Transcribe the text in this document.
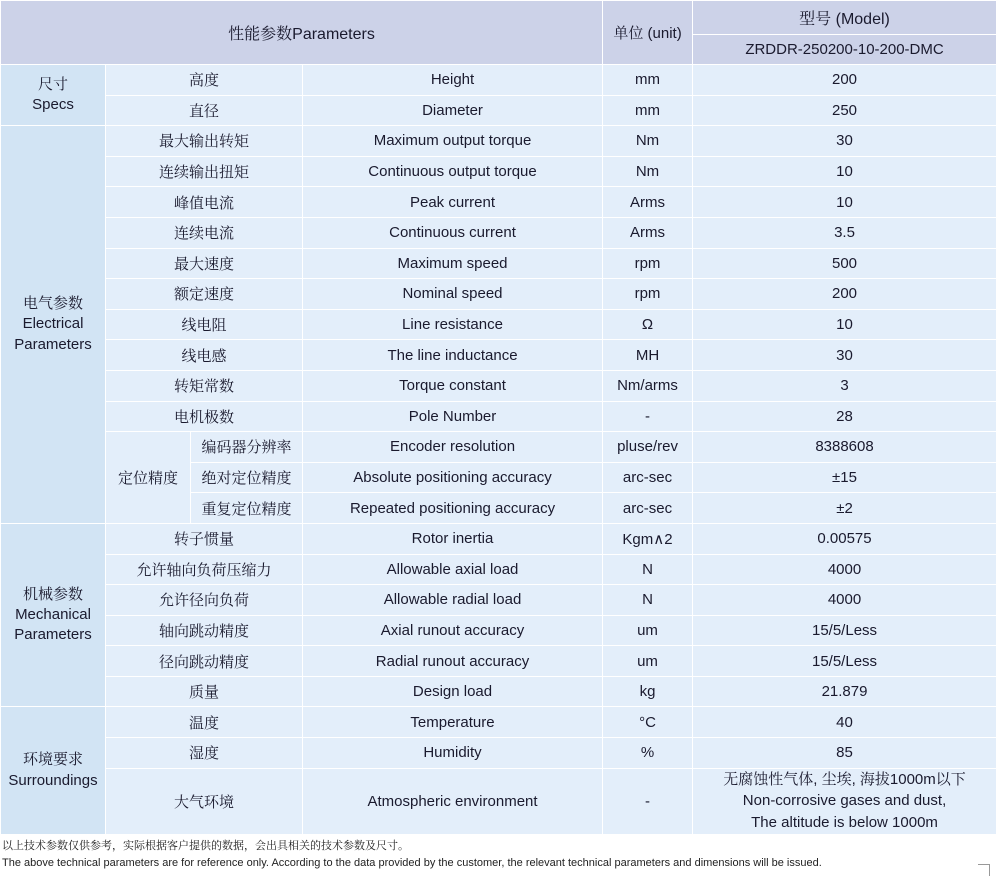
性能参数Parameters				单位 (unit)	型号 (Model)
					ZRDDR-250200-10-200-DMC
尺寸
Specs	高度		Height	mm	200
	直径		Diameter	mm	250
电气参数
Electrical
Parameters	最大输出转矩		Maximum output torque	Nm	30
	连续输出扭矩		Continuous output torque	Nm	10
	峰值电流		Peak current	Arms	10
	连续电流		Continuous current	Arms	3.5
	最大速度		Maximum speed	rpm	500
	额定速度		Nominal speed	rpm	200
	线电阻		Line resistance	Ω	10
	线电感		The line inductance	MH	30
	转矩常数		Torque constant	Nm/arms	3
	电机极数		Pole Number	-	28
	定位精度	编码器分辨率	Encoder resolution	pluse/rev	8388608
		绝对定位精度	Absolute positioning accuracy	arc-sec	±15
		重复定位精度	Repeated positioning accuracy	arc-sec	±2
机械参数
Mechanical
Parameters	转子惯量		Rotor inertia	Kgm∧2	0.00575
	允许轴向负荷压缩力		Allowable axial load	N	4000
	允许径向负荷		Allowable radial load	N	4000
	轴向跳动精度		Axial runout accuracy	um	15/5/Less
	径向跳动精度		Radial runout accuracy	um	15/5/Less
	质量		Design load	kg	21.879
环境要求
Surroundings	温度		Temperature	°C	40
	湿度		Humidity	%	85
	大气环境		Atmospheric environment	-	无腐蚀性气体, 尘埃, 海拔1000m以下
Non-corrosive gases and dust,
The altitude is below 1000m
以上技术参数仅供参考，实际根据客户提供的数据，会出具相关的技术参数及尺寸。
The above technical parameters are for reference only. According to the data provided by the customer, the relevant technical parameters and dimensions will be issued.
